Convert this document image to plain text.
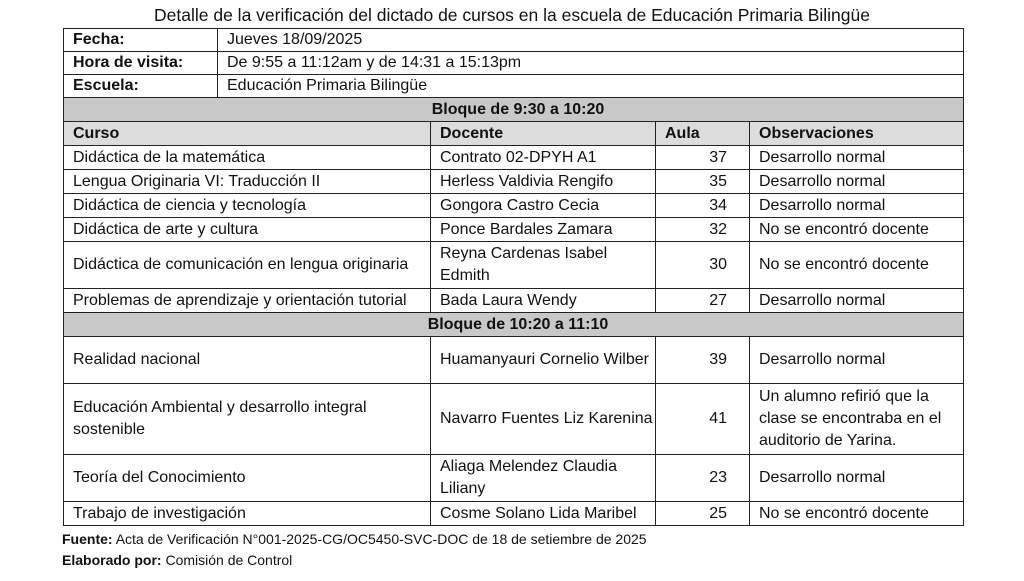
Detalle de la verificación del dictado de cursos en la escuela de Educación Primaria Bilingüe
Fecha:	Jueves 18/09/2025			
Hora de visita:	De 9:55 a 11:12am y de 14:31 a 15:13pm			
Escuela:	Educación Primaria Bilingüe			
Bloque de 9:30 a 10:20				
Curso		Docente	Aula	Observaciones
Didáctica de la matemática		Contrato 02-DPYH A1	37	Desarrollo normal
Lengua Originaria VI: Traducción II		Herless Valdivia Rengifo	35	Desarrollo normal
Didáctica de ciencia y tecnología		Gongora Castro Cecia	34	Desarrollo normal
Didáctica de arte y cultura		Ponce Bardales Zamara	32	No se encontró docente
Didáctica de comunicación en lengua originaria		Reyna Cardenas Isabel Edmith	30	No se encontró docente
Problemas de aprendizaje y orientación tutorial		Bada Laura Wendy	27	Desarrollo normal
Bloque de 10:20 a 11:10				
Realidad nacional		Huamanyauri Cornelio Wilber	39	Desarrollo normal
Educación Ambiental y desarrollo integral sostenible		Navarro Fuentes Liz Karenina	41	Un alumno refirió que la clase se encontraba en el auditorio de Yarina.
Teoría del Conocimiento		Aliaga Melendez Claudia Liliany	23	Desarrollo normal
Trabajo de investigación		Cosme Solano Lida Maribel	25	No se encontró docente
Fuente: Acta de Verificación N°001-2025-CG/OC5450-SVC-DOC de 18 de setiembre de 2025
Elaborado por: Comisión de Control
